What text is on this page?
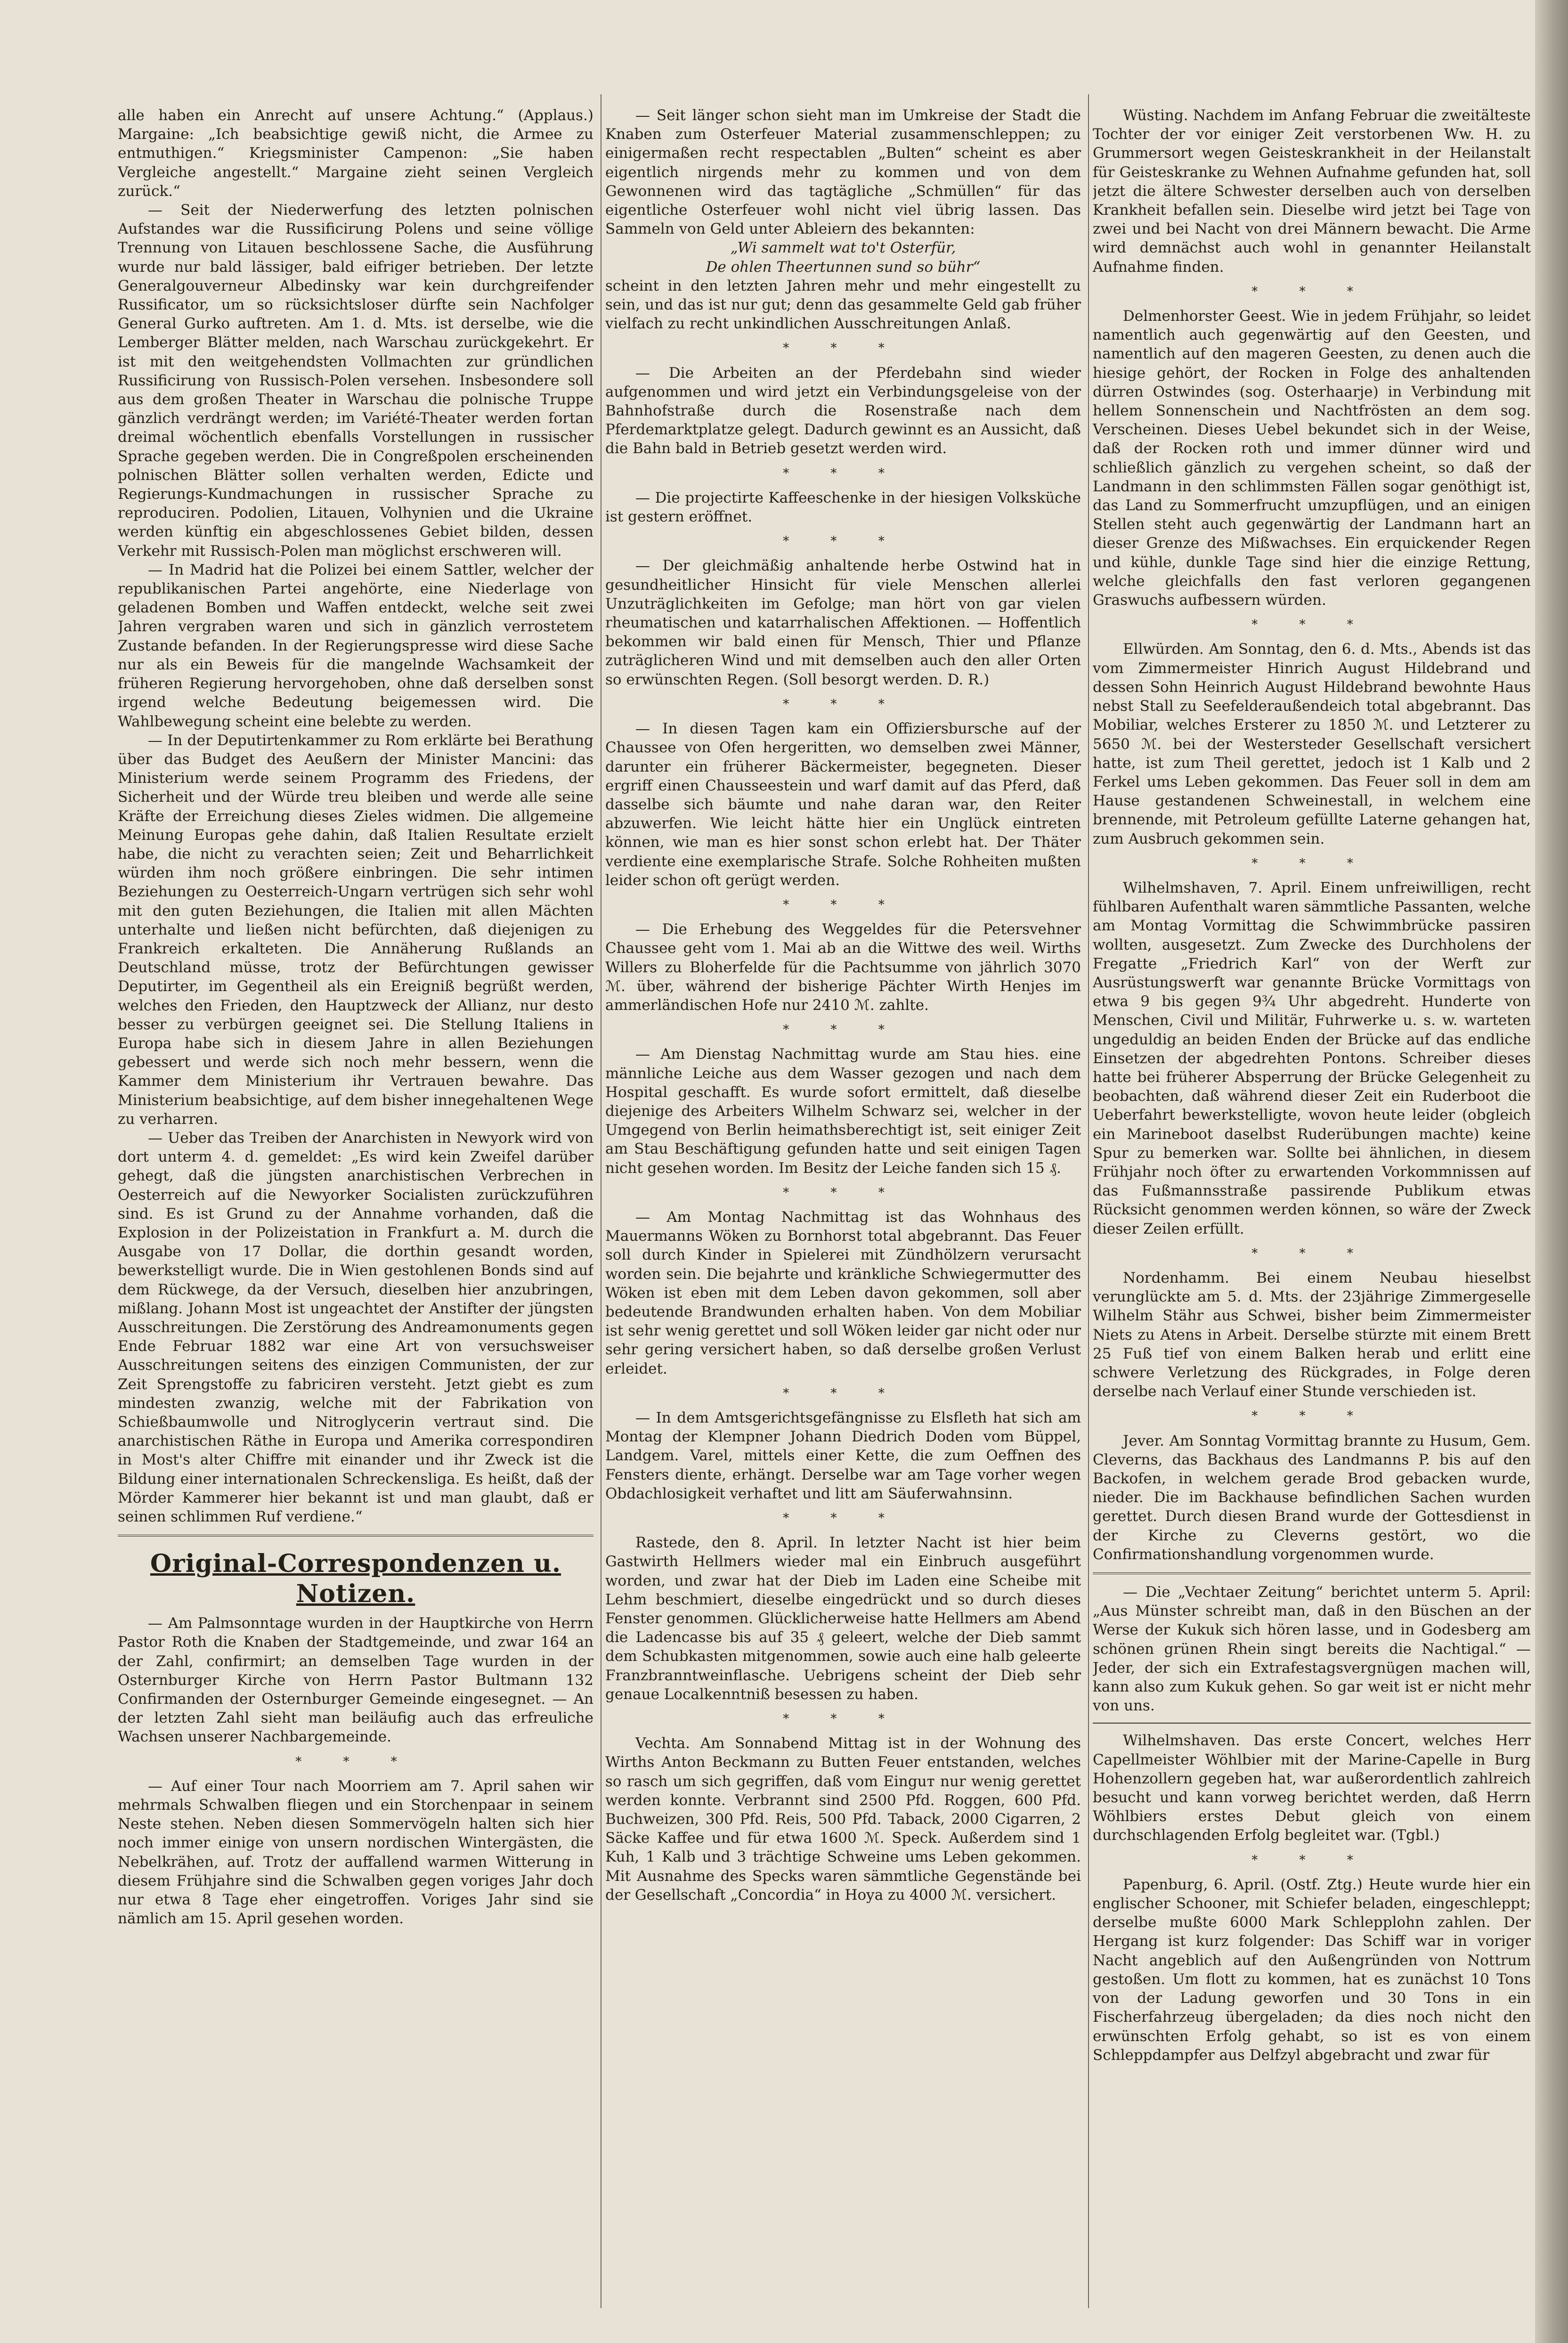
alle haben ein Anrecht auf unsere Achtung.“ (Applaus.) Margaine: „Ich beabsichtige gewiß nicht, die Armee zu entmuthigen.“ Kriegsminister Campenon: „Sie haben Vergleiche angestellt.“ Margaine zieht seinen Vergleich zurück.“

— Seit der Niederwerfung des letzten polnischen Aufstandes war die Russificirung Polens und seine völlige Trennung von Litauen beschlossene Sache, die Ausführung wurde nur bald lässiger, bald eifriger betrieben. Der letzte Generalgouverneur Albedinsky war kein durchgreifender Russificator, um so rücksichtsloser dürfte sein Nachfolger General Gurko auftreten. Am 1. d. Mts. ist derselbe, wie die Lemberger Blätter melden, nach Warschau zurückgekehrt. Er ist mit den weitgehendsten Vollmachten zur gründlichen Russificirung von Russisch-Polen versehen. Insbesondere soll aus dem großen Theater in Warschau die polnische Truppe gänzlich verdrängt werden; im Variété-Theater werden fortan dreimal wöchentlich ebenfalls Vorstellungen in russischer Sprache gegeben werden. Die in Congreßpolen erscheinenden polnischen Blätter sollen verhalten werden, Edicte und Regierungs-Kundmachungen in russischer Sprache zu reproduciren. Podolien, Litauen, Volhynien und die Ukraine werden künftig ein abgeschlossenes Gebiet bilden, dessen Verkehr mit Russisch-Polen man möglichst erschweren will.

— In Madrid hat die Polizei bei einem Sattler, welcher der republikanischen Partei angehörte, eine Niederlage von geladenen Bomben und Waffen entdeckt, welche seit zwei Jahren vergraben waren und sich in gänzlich verrostetem Zustande befanden. In der Regierungspresse wird diese Sache nur als ein Beweis für die mangelnde Wachsamkeit der früheren Regierung hervorgehoben, ohne daß derselben sonst irgend welche Bedeutung beigemessen wird. Die Wahlbewegung scheint eine belebte zu werden.

— In der Deputirtenkammer zu Rom erklärte bei Berathung über das Budget des Aeußern der Minister Mancini: das Ministerium werde seinem Programm des Friedens, der Sicherheit und der Würde treu bleiben und werde alle seine Kräfte der Erreichung dieses Zieles widmen. Die allgemeine Meinung Europas gehe dahin, daß Italien Resultate erzielt habe, die nicht zu verachten seien; Zeit und Beharrlichkeit würden ihm noch größere einbringen. Die sehr intimen Beziehungen zu Oesterreich-Ungarn vertrügen sich sehr wohl mit den guten Beziehungen, die Italien mit allen Mächten unterhalte und ließen nicht befürchten, daß diejenigen zu Frankreich erkalteten. Die Annäherung Rußlands an Deutschland müsse, trotz der Befürchtungen gewisser Deputirter, im Gegentheil als ein Ereigniß begrüßt werden, welches den Frieden, den Hauptzweck der Allianz, nur desto besser zu verbürgen geeignet sei. Die Stellung Italiens in Europa habe sich in diesem Jahre in allen Beziehungen gebessert und werde sich noch mehr bessern, wenn die Kammer dem Ministerium ihr Vertrauen bewahre. Das Ministerium beabsichtige, auf dem bisher innegehaltenen Wege zu verharren.

— Ueber das Treiben der Anarchisten in Newyork wird von dort unterm 4. d. gemeldet: „Es wird kein Zweifel darüber gehegt, daß die jüngsten anarchistischen Verbrechen in Oesterreich auf die Newyorker Socialisten zurückzuführen sind. Es ist Grund zu der Annahme vorhanden, daß die Explosion in der Polizeistation in Frankfurt a. M. durch die Ausgabe von 17 Dollar, die dorthin gesandt worden, bewerkstelligt wurde. Die in Wien gestohlenen Bonds sind auf dem Rückwege, da der Versuch, dieselben hier anzubringen, mißlang. Johann Most ist ungeachtet der Anstifter der jüngsten Ausschreitungen. Die Zerstörung des Andreamonuments gegen Ende Februar 1882 war eine Art von versuchsweiser Ausschreitungen seitens des einzigen Communisten, der zur Zeit Sprengstoffe zu fabriciren versteht. Jetzt giebt es zum mindesten zwanzig, welche mit der Fabrikation von Schießbaumwolle und Nitroglycerin vertraut sind. Die anarchistischen Räthe in Europa und Amerika correspondiren in Most's alter Chiffre mit einander und ihr Zweck ist die Bildung einer internationalen Schreckensliga. Es heißt, daß der Mörder Kammerer hier bekannt ist und man glaubt, daß er seinen schlimmen Ruf verdiene.“

Original-Correspondenzen u. Notizen.

— Am Palmsonntage wurden in der Hauptkirche von Herrn Pastor Roth die Knaben der Stadtgemeinde, und zwar 164 an der Zahl, confirmirt; an demselben Tage wurden in der Osternburger Kirche von Herrn Pastor Bultmann 132 Confirmanden der Osternburger Gemeinde eingesegnet. — An der letzten Zahl sieht man beiläufig auch das erfreuliche Wachsen unserer Nachbargemeinde.

* * *

— Auf einer Tour nach Moorriem am 7. April sahen wir mehrmals Schwalben fliegen und ein Storchenpaar in seinem Neste stehen. Neben diesen Sommervögeln halten sich hier noch immer einige von unsern nordischen Wintergästen, die Nebelkrähen, auf. Trotz der auffallend warmen Witterung in diesem Frühjahre sind die Schwalben gegen voriges Jahr doch nur etwa 8 Tage eher eingetroffen. Voriges Jahr sind sie nämlich am 15. April gesehen worden.

— Seit länger schon sieht man im Umkreise der Stadt die Knaben zum Osterfeuer Material zusammenschleppen; zu einigermaßen recht respectablen „Bulten“ scheint es aber eigentlich nirgends mehr zu kommen und von dem Gewonnenen wird das tagtägliche „Schmüllen“ für das eigentliche Osterfeuer wohl nicht viel übrig lassen. Das Sammeln von Geld unter Ableiern des bekannten:

„Wi sammelt wat to't Osterfür,

De ohlen Theertunnen sund so bühr“

scheint in den letzten Jahren mehr und mehr eingestellt zu sein, und das ist nur gut; denn das gesammelte Geld gab früher vielfach zu recht unkindlichen Ausschreitungen Anlaß.

* * *

— Die Arbeiten an der Pferdebahn sind wieder aufgenommen und wird jetzt ein Verbindungsgeleise von der Bahnhofstraße durch die Rosenstraße nach dem Pferdemarktplatze gelegt. Dadurch gewinnt es an Aussicht, daß die Bahn bald in Betrieb gesetzt werden wird.

* * *

— Die projectirte Kaffeeschenke in der hiesigen Volksküche ist gestern eröffnet.

* * *

— Der gleichmäßig anhaltende herbe Ostwind hat in gesundheitlicher Hinsicht für viele Menschen allerlei Unzuträglichkeiten im Gefolge; man hört von gar vielen rheumatischen und katarrhalischen Affektionen. — Hoffentlich bekommen wir bald einen für Mensch, Thier und Pflanze zuträglicheren Wind und mit demselben auch den aller Orten so erwünschten Regen. (Soll besorgt werden. D. R.)

* * *

— In diesen Tagen kam ein Offiziersbursche auf der Chaussee von Ofen hergeritten, wo demselben zwei Männer, darunter ein früherer Bäckermeister, begegneten. Dieser ergriff einen Chausseestein und warf damit auf das Pferd, daß dasselbe sich bäumte und nahe daran war, den Reiter abzuwerfen. Wie leicht hätte hier ein Unglück eintreten können, wie man es hier sonst schon erlebt hat. Der Thäter verdiente eine exemplarische Strafe. Solche Rohheiten mußten leider schon oft gerügt werden.

* * *

— Die Erhebung des Weggeldes für die Petersvehner Chaussee geht vom 1. Mai ab an die Wittwe des weil. Wirths Willers zu Bloherfelde für die Pachtsumme von jährlich 3070 ℳ. über, während der bisherige Pächter Wirth Henjes im ammerländischen Hofe nur 2410 ℳ. zahlte.

* * *

— Am Dienstag Nachmittag wurde am Stau hies. eine männliche Leiche aus dem Wasser gezogen und nach dem Hospital geschafft. Es wurde sofort ermittelt, daß dieselbe diejenige des Arbeiters Wilhelm Schwarz sei, welcher in der Umgegend von Berlin heimathsberechtigt ist, seit einiger Zeit am Stau Beschäftigung gefunden hatte und seit einigen Tagen nicht gesehen worden. Im Besitz der Leiche fanden sich 15 ₰.

* * *

— Am Montag Nachmittag ist das Wohnhaus des Mauermanns Wöken zu Bornhorst total abgebrannt. Das Feuer soll durch Kinder in Spielerei mit Zündhölzern verursacht worden sein. Die bejahrte und kränkliche Schwiegermutter des Wöken ist eben mit dem Leben davon gekommen, soll aber bedeutende Brandwunden erhalten haben. Von dem Mobiliar ist sehr wenig gerettet und soll Wöken leider gar nicht oder nur sehr gering versichert haben, so daß derselbe großen Verlust erleidet.

* * *

— In dem Amtsgerichtsgefängnisse zu Elsfleth hat sich am Montag der Klempner Johann Diedrich Doden vom Büppel, Landgem. Varel, mittels einer Kette, die zum Oeffnen des Fensters diente, erhängt. Derselbe war am Tage vorher wegen Obdachlosigkeit verhaftet und litt am Säuferwahnsinn.

* * *

Rastede, den 8. April. In letzter Nacht ist hier beim Gastwirth Hellmers wieder mal ein Einbruch ausgeführt worden, und zwar hat der Dieb im Laden eine Scheibe mit Lehm beschmiert, dieselbe eingedrückt und so durch dieses Fenster genommen. Glücklicherweise hatte Hellmers am Abend die Ladencasse bis auf 35 ₰ geleert, welche der Dieb sammt dem Schubkasten mitgenommen, sowie auch eine halb geleerte Franzbranntweinflasche. Uebrigens scheint der Dieb sehr genaue Localkenntniß besessen zu haben.

* * *

Vechta. Am Sonnabend Mittag ist in der Wohnung des Wirths Anton Beckmann zu Butten Feuer entstanden, welches so rasch um sich gegriffen, daß vom Einguт nur wenig gerettet werden konnte. Verbrannt sind 2500 Pfd. Roggen, 600 Pfd. Buchweizen, 300 Pfd. Reis, 500 Pfd. Taback, 2000 Cigarren, 2 Säcke Kaffee und für etwa 1600 ℳ. Speck. Außerdem sind 1 Kuh, 1 Kalb und 3 trächtige Schweine ums Leben gekommen. Mit Ausnahme des Specks waren sämmtliche Gegenstände bei der Gesellschaft „Concordia“ in Hoya zu 4000 ℳ. versichert.

Wüsting. Nachdem im Anfang Februar die zweitälteste Tochter der vor einiger Zeit verstorbenen Ww. H. zu Grummersort wegen Geisteskrankheit in der Heilanstalt für Geisteskranke zu Wehnen Aufnahme gefunden hat, soll jetzt die ältere Schwester derselben auch von derselben Krankheit befallen sein. Dieselbe wird jetzt bei Tage von zwei und bei Nacht von drei Männern bewacht. Die Arme wird demnächst auch wohl in genannter Heilanstalt Aufnahme finden.

* * *

Delmenhorster Geest. Wie in jedem Frühjahr, so leidet namentlich auch gegenwärtig auf den Geesten, und namentlich auf den mageren Geesten, zu denen auch die hiesige gehört, der Rocken in Folge des anhaltenden dürren Ostwindes (sog. Osterhaarje) in Verbindung mit hellem Sonnenschein und Nachtfrösten an dem sog. Verscheinen. Dieses Uebel bekundet sich in der Weise, daß der Rocken roth und immer dünner wird und schließlich gänzlich zu vergehen scheint, so daß der Landmann in den schlimmsten Fällen sogar genöthigt ist, das Land zu Sommerfrucht umzupflügen, und an einigen Stellen steht auch gegenwärtig der Landmann hart an dieser Grenze des Mißwachses. Ein erquickender Regen und kühle, dunkle Tage sind hier die einzige Rettung, welche gleichfalls den fast verloren gegangenen Graswuchs aufbessern würden.

* * *

Ellwürden. Am Sonntag, den 6. d. Mts., Abends ist das vom Zimmermeister Hinrich August Hildebrand und dessen Sohn Heinrich August Hildebrand bewohnte Haus nebst Stall zu Seefelderaußendeich total abgebrannt. Das Mobiliar, welches Ersterer zu 1850 ℳ. und Letzterer zu 5650 ℳ. bei der Westersteder Gesellschaft versichert hatte, ist zum Theil gerettet, jedoch ist 1 Kalb und 2 Ferkel ums Leben gekommen. Das Feuer soll in dem am Hause gestandenen Schweinestall, in welchem eine brennende, mit Petroleum gefüllte Laterne gehangen hat, zum Ausbruch gekommen sein.

* * *

Wilhelmshaven, 7. April. Einem unfreiwilligen, recht fühlbaren Aufenthalt waren sämmtliche Passanten, welche am Montag Vormittag die Schwimmbrücke passiren wollten, ausgesetzt. Zum Zwecke des Durchholens der Fregatte „Friedrich Karl“ von der Werft zur Ausrüstungswerft war genannte Brücke Vormittags von etwa 9 bis gegen 9¾ Uhr abgedreht. Hunderte von Menschen, Civil und Militär, Fuhrwerke u. s. w. warteten ungeduldig an beiden Enden der Brücke auf das endliche Einsetzen der abgedrehten Pontons. Schreiber dieses hatte bei früherer Absperrung der Brücke Gelegenheit zu beobachten, daß während dieser Zeit ein Ruderboot die Ueberfahrt bewerkstelligte, wovon heute leider (obgleich ein Marineboot daselbst Ruderübungen machte) keine Spur zu bemerken war. Sollte bei ähnlichen, in diesem Frühjahr noch öfter zu erwartenden Vorkommnissen auf das Fußmannsstraße passirende Publikum etwas Rücksicht genommen werden können, so wäre der Zweck dieser Zeilen erfüllt.

* * *

Nordenhamm. Bei einem Neubau hieselbst verunglückte am 5. d. Mts. der 23jährige Zimmergeselle Wilhelm Stähr aus Schwei, bisher beim Zimmermeister Niets zu Atens in Arbeit. Derselbe stürzte mit einem Brett 25 Fuß tief von einem Balken herab und erlitt eine schwere Verletzung des Rückgrades, in Folge deren derselbe nach Verlauf einer Stunde verschieden ist.

* * *

Jever. Am Sonntag Vormittag brannte zu Husum, Gem. Cleverns, das Backhaus des Landmanns P. bis auf den Backofen, in welchem gerade Brod gebacken wurde, nieder. Die im Backhause befindlichen Sachen wurden gerettet. Durch diesen Brand wurde der Gottesdienst in der Kirche zu Cleverns gestört, wo die Confirmationshandlung vorgenommen wurde.

— Die „Vechtaer Zeitung“ berichtet unterm 5. April: „Aus Münster schreibt man, daß in den Büschen an der Werse der Kukuk sich hören lasse, und in Godesberg am schönen grünen Rhein singt bereits die Nachtigal.“ — Jeder, der sich ein Extrafestagsvergnügen machen will, kann also zum Kukuk gehen. So gar weit ist er nicht mehr von uns.

Wilhelmshaven. Das erste Concert, welches Herr Capellmeister Wöhlbier mit der Marine-Capelle in Burg Hohenzollern gegeben hat, war außerordentlich zahlreich besucht und kann vorweg berichtet werden, daß Herrn Wöhlbiers erstes Debut gleich von einem durchschlagenden Erfolg begleitet war. (Tgbl.)

* * *

Papenburg, 6. April. (Ostf. Ztg.) Heute wurde hier ein englischer Schooner, mit Schiefer beladen, eingeschleppt; derselbe mußte 6000 Mark Schlepplohn zahlen. Der Hergang ist kurz folgender: Das Schiff war in voriger Nacht angeblich auf den Außengründen von Nottrum gestoßen. Um flott zu kommen, hat es zunächst 10 Tons von der Ladung geworfen und 30 Tons in ein Fischerfahrzeug übergeladen; da dies noch nicht den erwünschten Erfolg gehabt, so ist es von einem Schleppdampfer aus Delfzyl abgebracht und zwar für
